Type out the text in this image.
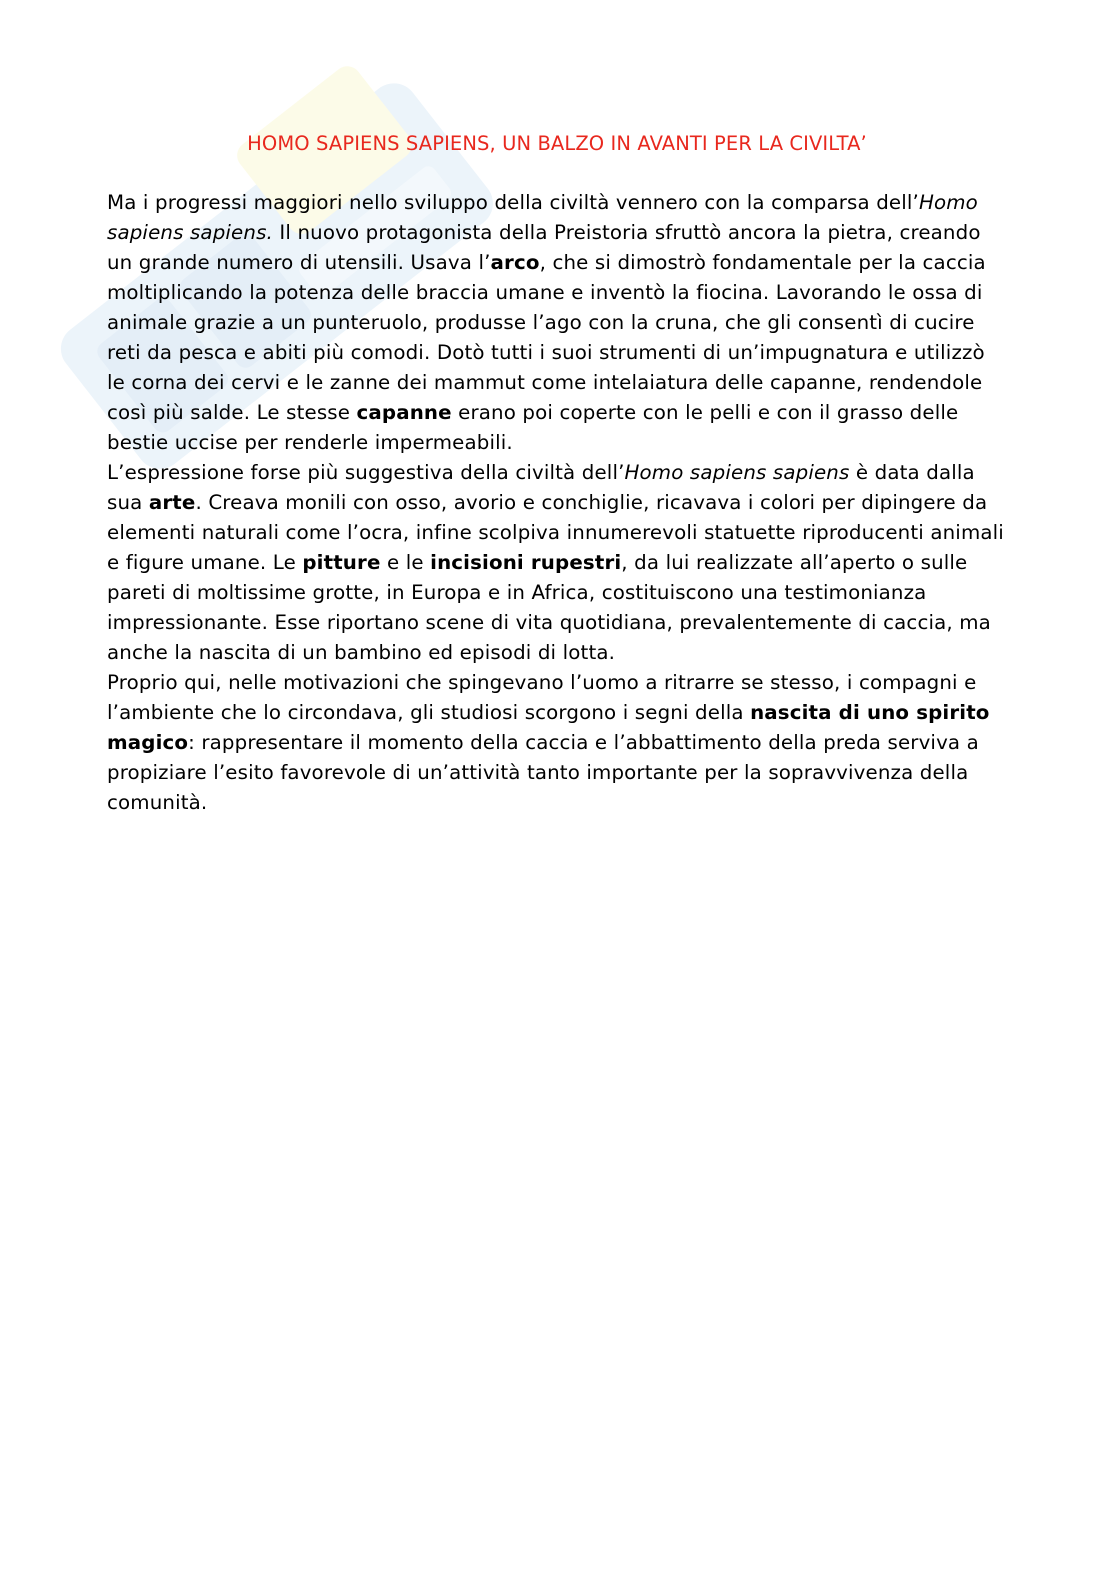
HOMO SAPIENS SAPIENS, UN BALZO IN AVANTI PER LA CIVILTA’

Ma i progressi maggiori nello sviluppo della civiltà vennero con la comparsa dell’Homo sapiens sapiens. Il nuovo protagonista della Preistoria sfruttò ancora la pietra, creando un grande numero di utensili. Usava l’arco, che si dimostrò fondamentale per la caccia moltiplicando la potenza delle braccia umane e inventò la fiocina. Lavorando le ossa di animale grazie a un punteruolo, produsse l’ago con la cruna, che gli consentì di cucire reti da pesca e abiti più comodi. Dotò tutti i suoi strumenti di un’impugnatura e utilizzò le corna dei cervi e le zanne dei mammut come intelaiatura delle capanne, rendendole così più salde. Le stesse capanne erano poi coperte con le pelli e con il grasso delle bestie uccise per renderle impermeabili.

L’espressione forse più suggestiva della civiltà dell’Homo sapiens sapiens è data dalla sua arte. Creava monili con osso, avorio e conchiglie, ricavava i colori per dipingere da elementi naturali come l’ocra, infine scolpiva innumerevoli statuette riproducenti animali e figure umane. Le pitture e le incisioni rupestri, da lui realizzate all’aperto o sulle pareti di moltissime grotte, in Europa e in Africa, costituiscono una testimonianza impressionante. Esse riportano scene di vita quotidiana, prevalentemente di caccia, ma anche la nascita di un bambino ed episodi di lotta.

Proprio qui, nelle motivazioni che spingevano l’uomo a ritrarre se stesso, i compagni e l’ambiente che lo circondava, gli studiosi scorgono i segni della nascita di uno spirito magico: rappresentare il momento della caccia e l’abbattimento della preda serviva a propiziare l’esito favorevole di un’attività tanto importante per la sopravvivenza della comunità.
